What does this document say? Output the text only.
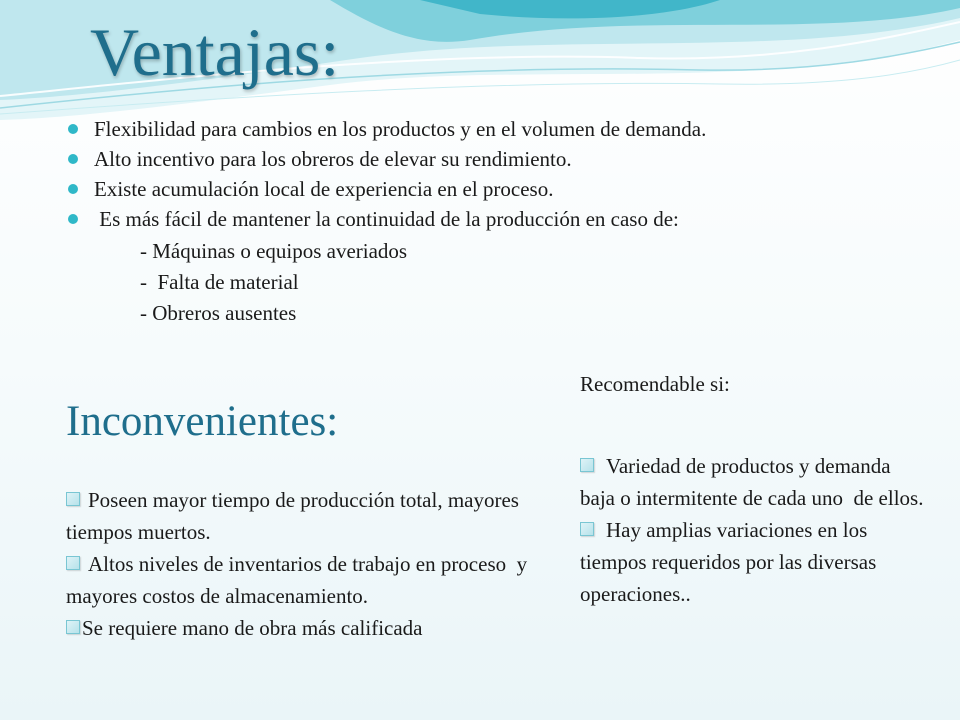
Ventajas:
Flexibilidad para cambios en los productos y en el volumen de demanda.
Alto incentivo para los obreros de elevar su rendimiento.
Existe acumulación local de experiencia en el proceso.
Es más fácil de mantener la continuidad de la producción en caso de:
- Máquinas o equipos averiados
-  Falta de material
- Obreros ausentes
Recomendable si:
Inconvenientes:

Poseen mayor tiempo de producción total, mayores tiempos muertos.

Altos niveles de inventarios de trabajo en proceso  y mayores costos de almacenamiento.

Se requiere mano de obra más calificada

Variedad de productos y demanda baja o intermitente de cada uno  de ellos.

Hay amplias variaciones en los tiempos requeridos por las diversas operaciones..
